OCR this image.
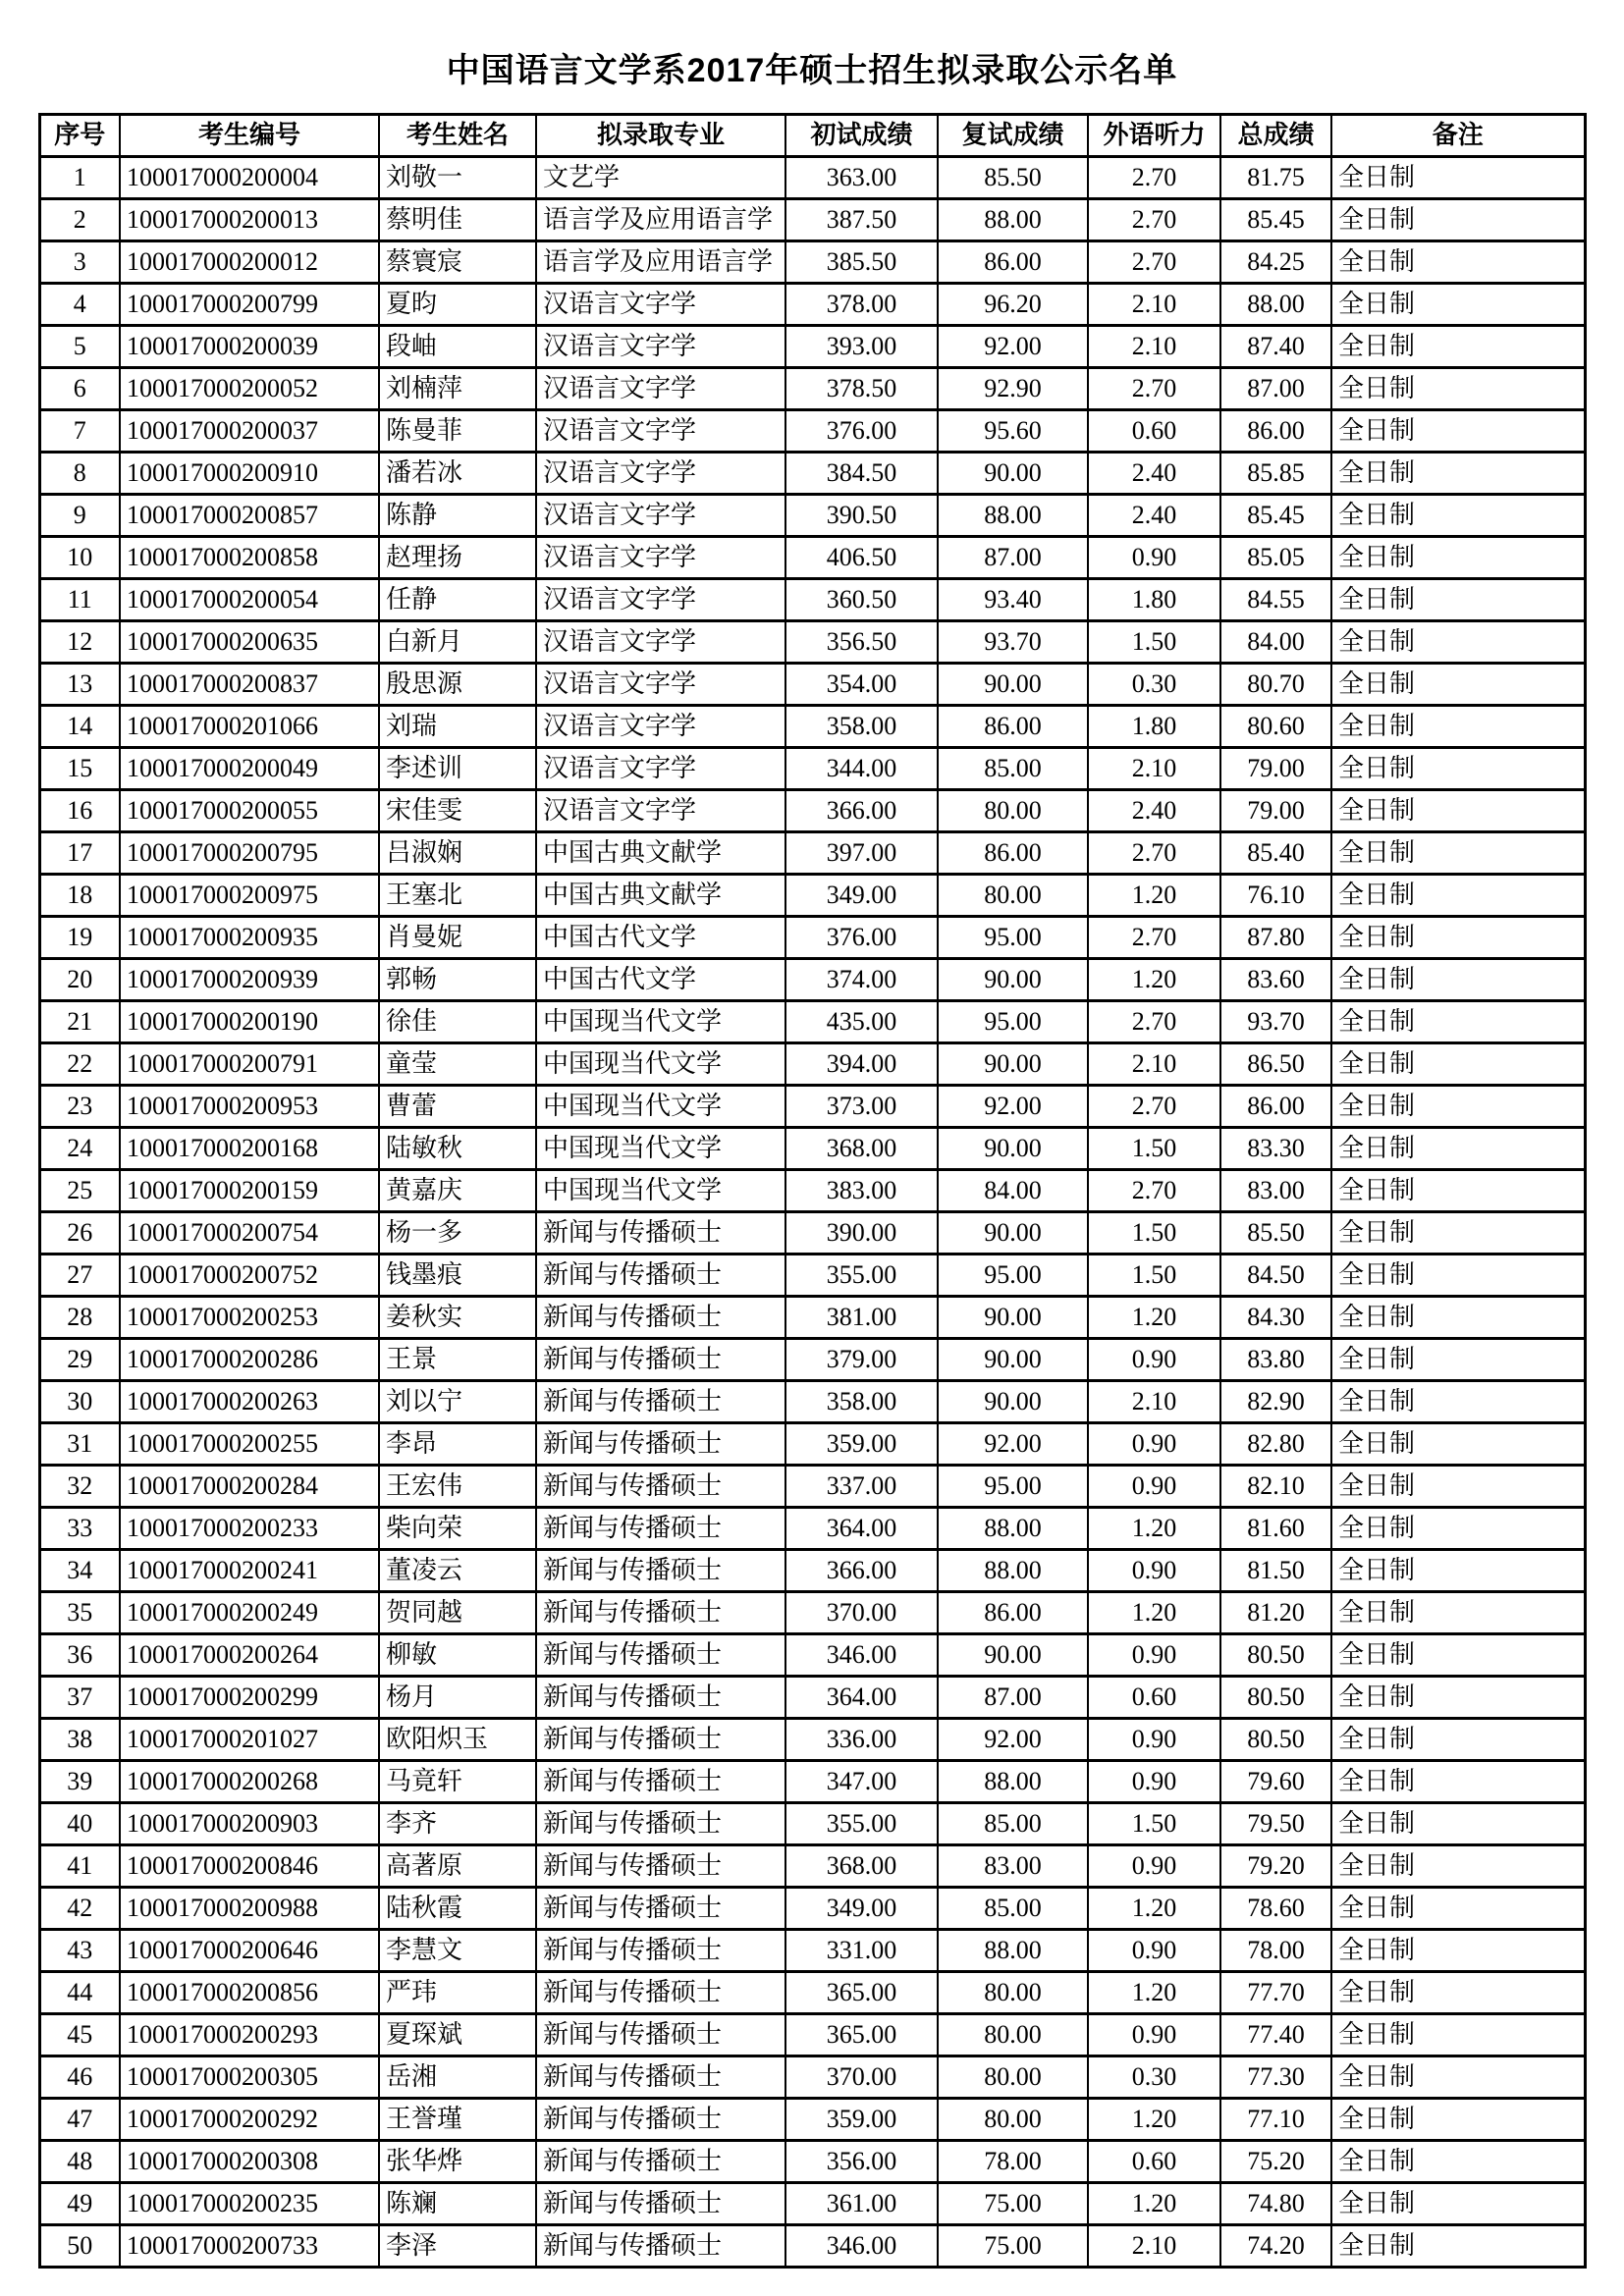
中国语言文学系2017年硕士招生拟录取公示名单
序号	考生编号	考生姓名	拟录取专业	初试成绩	复试成绩	外语听力	总成绩	备注
1	100017000200004	刘敬一	文艺学	363.00	85.50	2.70	81.75	全日制
2	100017000200013	蔡明佳	语言学及应用语言学	387.50	88.00	2.70	85.45	全日制
3	100017000200012	蔡寰宸	语言学及应用语言学	385.50	86.00	2.70	84.25	全日制
4	100017000200799	夏昀	汉语言文字学	378.00	96.20	2.10	88.00	全日制
5	100017000200039	段岫	汉语言文字学	393.00	92.00	2.10	87.40	全日制
6	100017000200052	刘楠萍	汉语言文字学	378.50	92.90	2.70	87.00	全日制
7	100017000200037	陈曼菲	汉语言文字学	376.00	95.60	0.60	86.00	全日制
8	100017000200910	潘若冰	汉语言文字学	384.50	90.00	2.40	85.85	全日制
9	100017000200857	陈静	汉语言文字学	390.50	88.00	2.40	85.45	全日制
10	100017000200858	赵理扬	汉语言文字学	406.50	87.00	0.90	85.05	全日制
11	100017000200054	任静	汉语言文字学	360.50	93.40	1.80	84.55	全日制
12	100017000200635	白新月	汉语言文字学	356.50	93.70	1.50	84.00	全日制
13	100017000200837	殷思源	汉语言文字学	354.00	90.00	0.30	80.70	全日制
14	100017000201066	刘瑞	汉语言文字学	358.00	86.00	1.80	80.60	全日制
15	100017000200049	李述训	汉语言文字学	344.00	85.00	2.10	79.00	全日制
16	100017000200055	宋佳雯	汉语言文字学	366.00	80.00	2.40	79.00	全日制
17	100017000200795	吕淑娴	中国古典文献学	397.00	86.00	2.70	85.40	全日制
18	100017000200975	王塞北	中国古典文献学	349.00	80.00	1.20	76.10	全日制
19	100017000200935	肖曼妮	中国古代文学	376.00	95.00	2.70	87.80	全日制
20	100017000200939	郭畅	中国古代文学	374.00	90.00	1.20	83.60	全日制
21	100017000200190	徐佳	中国现当代文学	435.00	95.00	2.70	93.70	全日制
22	100017000200791	童莹	中国现当代文学	394.00	90.00	2.10	86.50	全日制
23	100017000200953	曹蕾	中国现当代文学	373.00	92.00	2.70	86.00	全日制
24	100017000200168	陆敏秋	中国现当代文学	368.00	90.00	1.50	83.30	全日制
25	100017000200159	黄嘉庆	中国现当代文学	383.00	84.00	2.70	83.00	全日制
26	100017000200754	杨一多	新闻与传播硕士	390.00	90.00	1.50	85.50	全日制
27	100017000200752	钱墨痕	新闻与传播硕士	355.00	95.00	1.50	84.50	全日制
28	100017000200253	姜秋实	新闻与传播硕士	381.00	90.00	1.20	84.30	全日制
29	100017000200286	王景	新闻与传播硕士	379.00	90.00	0.90	83.80	全日制
30	100017000200263	刘以宁	新闻与传播硕士	358.00	90.00	2.10	82.90	全日制
31	100017000200255	李昂	新闻与传播硕士	359.00	92.00	0.90	82.80	全日制
32	100017000200284	王宏伟	新闻与传播硕士	337.00	95.00	0.90	82.10	全日制
33	100017000200233	柴向荣	新闻与传播硕士	364.00	88.00	1.20	81.60	全日制
34	100017000200241	董凌云	新闻与传播硕士	366.00	88.00	0.90	81.50	全日制
35	100017000200249	贺同越	新闻与传播硕士	370.00	86.00	1.20	81.20	全日制
36	100017000200264	柳敏	新闻与传播硕士	346.00	90.00	0.90	80.50	全日制
37	100017000200299	杨月	新闻与传播硕士	364.00	87.00	0.60	80.50	全日制
38	100017000201027	欧阳炽玉	新闻与传播硕士	336.00	92.00	0.90	80.50	全日制
39	100017000200268	马竟轩	新闻与传播硕士	347.00	88.00	0.90	79.60	全日制
40	100017000200903	李齐	新闻与传播硕士	355.00	85.00	1.50	79.50	全日制
41	100017000200846	高著原	新闻与传播硕士	368.00	83.00	0.90	79.20	全日制
42	100017000200988	陆秋霞	新闻与传播硕士	349.00	85.00	1.20	78.60	全日制
43	100017000200646	李慧文	新闻与传播硕士	331.00	88.00	0.90	78.00	全日制
44	100017000200856	严玮	新闻与传播硕士	365.00	80.00	1.20	77.70	全日制
45	100017000200293	夏琛斌	新闻与传播硕士	365.00	80.00	0.90	77.40	全日制
46	100017000200305	岳湘	新闻与传播硕士	370.00	80.00	0.30	77.30	全日制
47	100017000200292	王誉瑾	新闻与传播硕士	359.00	80.00	1.20	77.10	全日制
48	100017000200308	张华烨	新闻与传播硕士	356.00	78.00	0.60	75.20	全日制
49	100017000200235	陈斓	新闻与传播硕士	361.00	75.00	1.20	74.80	全日制
50	100017000200733	李泽	新闻与传播硕士	346.00	75.00	2.10	74.20	全日制
